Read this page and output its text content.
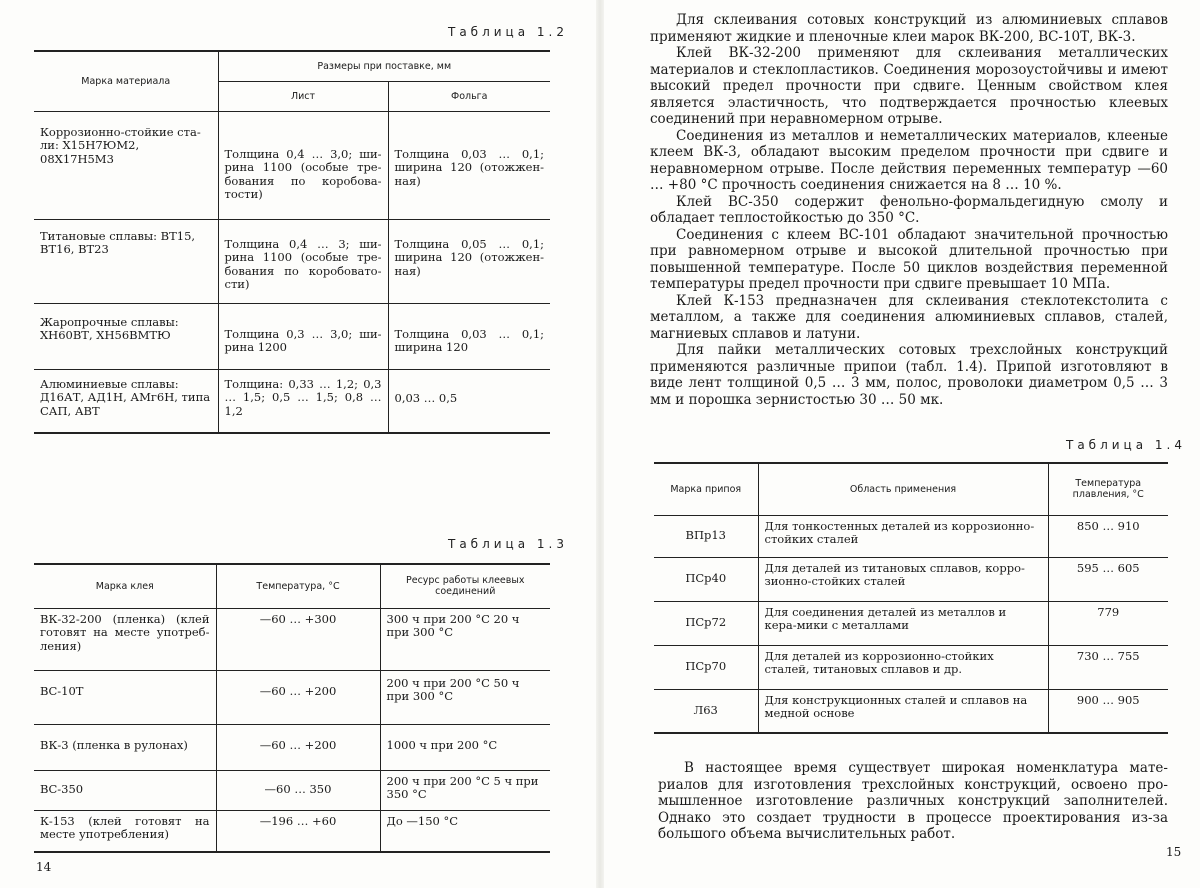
Таблица 1.2
Марка материала	Размеры при поставке, мм	
	Лист	Фольга
Коррозионно-стойкие ста-ли: Х15Н7ЮМ2, 08Х17Н5М3	Толщина 0,4 … 3,0; ши-рина 1100 (особые тре-бования по коробова-тости)	Толщина 0,03 … 0,1; ширина 120 (отожжен-ная)
Титановые сплавы: ВТ15, ВТ16, ВТ23	Толщина 0,4 … 3; ши-рина 1100 (особые тре-бования по коробовато-сти)	Толщина 0,05 … 0,1; ширина 120 (отожжен-ная)
Жаропрочные сплавы: ХН60ВТ, ХН56ВМТЮ	Толщина 0,3 … 3,0; ши-рина 1200	Толщина 0,03 … 0,1; ширина 120
Алюминиевые сплавы: Д16АТ, АД1Н, АМг6Н, типа САП, АВТ	Толщина: 0,33 … 1,2; 0,3 … 1,5; 0,5 … 1,5; 0,8 … 1,2	0,03 … 0,5
Таблица 1.3
Марка клея	Температура, °С	Ресурс работы клеевых соединений
ВК-32-200 (пленка) (клей готовят на месте употреб-ления)	—60 … +300	300 ч при 200 °С 20 ч при 300 °С
ВС-10Т	—60 … +200	200 ч при 200 °С 50 ч при 300 °С
ВК-3 (пленка в рулонах)	—60 … +200	1000 ч при 200 °С
ВС-350	—60 … 350	200 ч при 200 °С 5 ч при 350 °С
К-153 (клей готовят на месте употребления)	—196 … +60	До —150 °С
14

Для склеивания сотовых конструкций из алюминиевых сплавов применяют жидкие и пленочные клеи марок ВК-200, ВС-10Т, ВК-3.

Клей ВК-32-200 применяют для склеивания металлических материалов и стеклопластиков. Соединения морозоустойчивы и имеют высокий предел прочности при сдвиге. Ценным свойством клея является эластичность, что подтверждается прочностью клеевых соединений при неравномерном отрыве.

Соединения из металлов и неметаллических материалов, клееные клеем ВК-3, обладают высоким пределом прочности при сдвиге и неравномерном отрыве. После действия переменных температур —60 … +80 °С прочность соединения снижается на 8 … 10 %.

Клей ВС-350 содержит фенольно-формальдегидную смолу и обладает теплостойкостью до 350 °С.

Соединения с клеем ВС-101 обладают значительной прочностью при равномерном отрыве и высокой длительной прочностью при повышенной температуре. После 50 циклов воздействия переменной температуры предел прочности при сдвиге превышает 10 МПа.

Клей К-153 предназначен для склеивания стеклотекстолита с металлом, а также для соединения алюминиевых сплавов, сталей, магниевых сплавов и латуни.

Для пайки металлических сотовых трехслойных конструкций применяются различные припои (табл. 1.4). Припой изготовляют в виде лент толщиной 0,5 … 3 мм, полос, проволоки диаметром 0,5 … 3 мм и порошка зернистостью 30 … 50 мк.

Таблица 1.4
Марка припоя	Область применения	Температура плавления, °С
ВПр13	Для тонкостенных деталей из коррозионно-стойких сталей	850 … 910
ПСр40	Для деталей из титановых сплавов, корро-зионно-стойких сталей	595 … 605
ПСр72	Для соединения деталей из металлов и кера-мики с металлами	779
ПСр70	Для деталей из коррозионно-стойких сталей, титановых сплавов и др.	730 … 755
Л63	Для конструкционных сталей и сплавов на медной основе	900 … 905

В настоящее время существует широкая номенклатура мате-риалов для изготовления трехслойных конструкций, освоено про-мышленное изготовление различных конструкций заполнителей. Однако это создает трудности в процессе проектирования из-за большого объема вычислительных работ.

15
